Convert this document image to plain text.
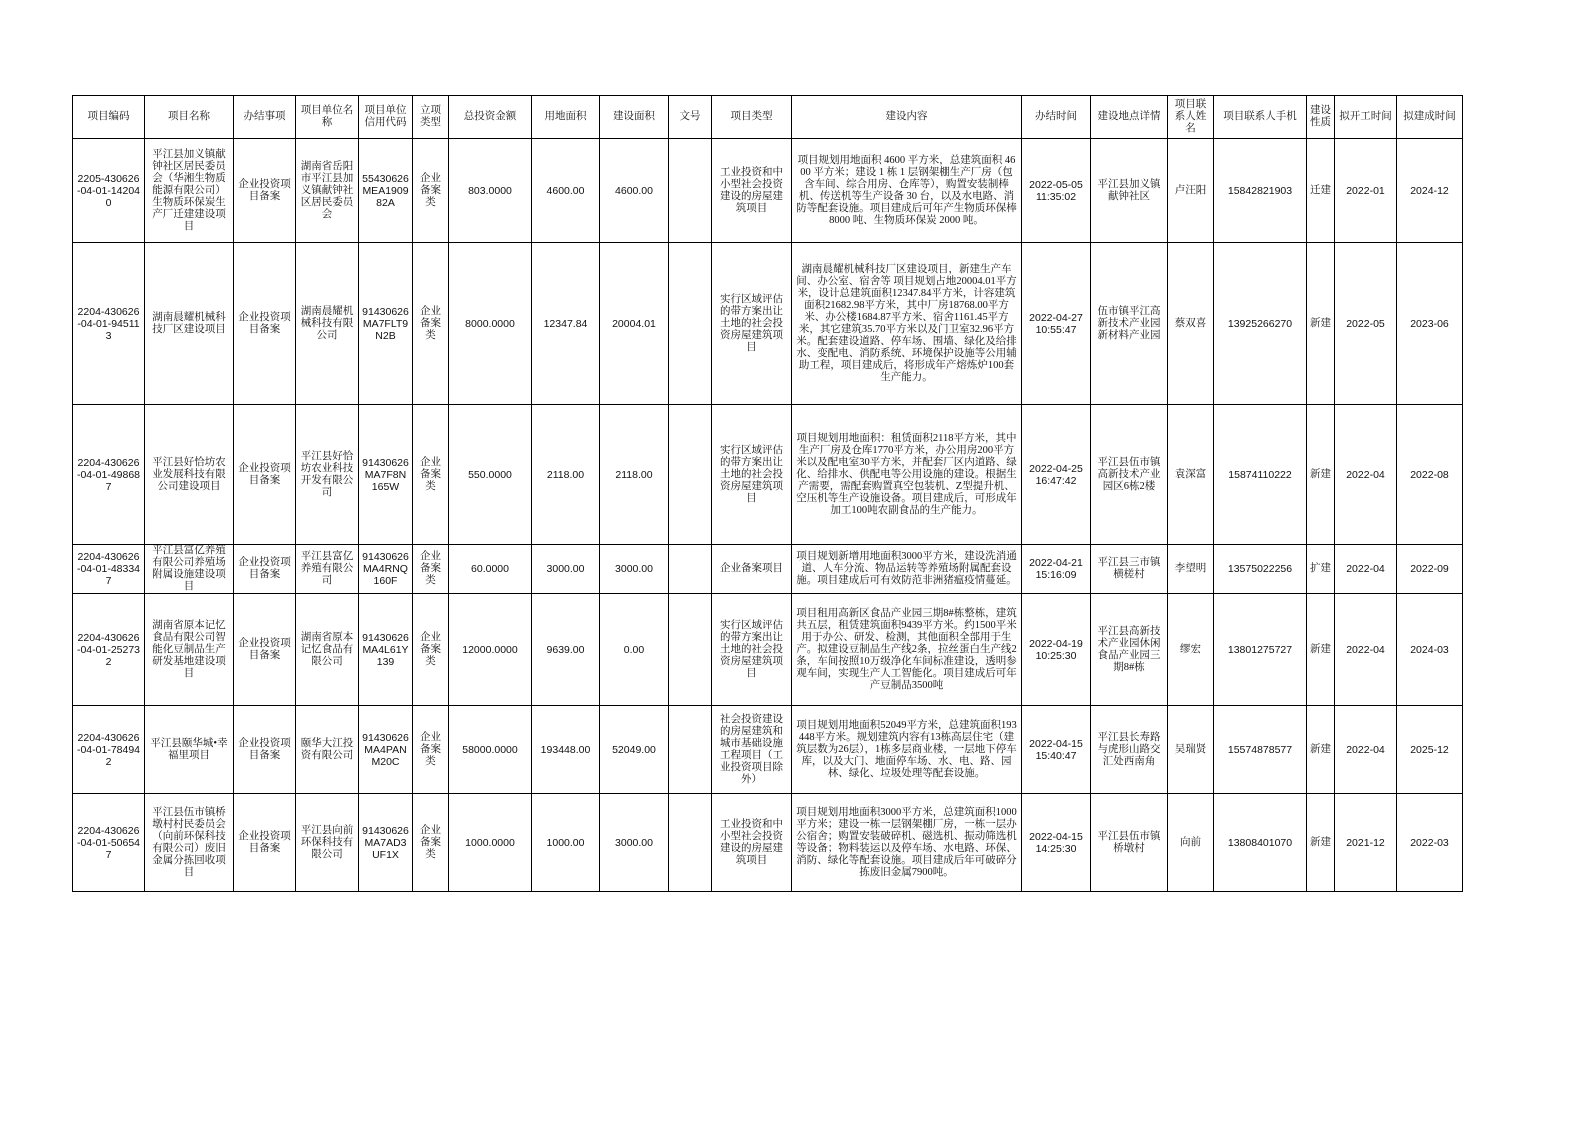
项目编码	项目名称	办结事项	项目单位名称	项目单位信用代码	立项类型	总投资金额	用地面积	建设面积	文号	项目类型	建设内容	办结时间	建设地点详情	项目联系人姓名	项目联系人手机	建设性质	拟开工时间	拟建成时间
2205-430626-04-01-142040	平江县加义镇献钟社区居民委员会（华湘生物质能源有限公司）生物质环保炭生产厂迁建建设项目	企业投资项目备案	湖南省岳阳市平江县加义镇献钟社区居民委员会	55430626MEA190982A	企业备案类	803.0000	4600.00	4600.00		工业投资和中小型社会投资建设的房屋建筑项目	项目规划用地面积 4600 平方米，总建筑面积 4600 平方米；建设 1 栋 1 层钢架棚生产厂房（包含车间、综合用房、仓库等），购置安装制棒机、传送机等生产设备 30 台，以及水电路、消防等配套设施。项目建成后可年产生物质环保棒 8000 吨、生物质环保炭 2000 吨。	2022-05-05 11:35:02	平江县加义镇献钟社区	卢汪阳	15842821903	迁建	2022-01	2024-12
2204-430626-04-01-945113	湖南晨耀机械科技厂区建设项目	企业投资项目备案	湖南晨耀机械科技有限公司	91430626MA7FLT9N2B	企业备案类	8000.0000	12347.84	20004.01		实行区域评估的带方案出让土地的社会投资房屋建筑项目	湖南晨耀机械科技厂区建设项目，新建生产车间、办公室、宿舍等 项目规划占地20004.01平方米，设计总建筑面积12347.84平方米，计容建筑面积21682.98平方米，其中厂房18768.00平方米、办公楼1684.87平方米、宿舍1161.45平方米，其它建筑35.70平方米以及门卫室32.96平方米。配套建设道路、停车场、围墙、绿化及给排水、变配电、消防系统、环境保护设施等公用辅助工程，项目建成后，将形成年产熔炼炉100套生产能力。	2022-04-27 10:55:47	伍市镇平江高新技术产业园新材料产业园	蔡双喜	13925266270	新建	2022-05	2023-06
2204-430626-04-01-498687	平江县好恰坊农业发展科技有限公司建设项目	企业投资项目备案	平江县好恰坊农业科技开发有限公司	91430626MA7F8N165W	企业备案类	550.0000	2118.00	2118.00		实行区域评估的带方案出让土地的社会投资房屋建筑项目	项目规划用地面积：租赁面积2118平方米，其中生产厂房及仓库1770平方米，办公用房200平方米以及配电室30平方米，并配套厂区内道路、绿化、给排水、供配电等公用设施的建设。根据生产需要，需配套购置真空包装机、Z型提升机、空压机等生产设施设备。项目建成后，可形成年加工100吨农副食品的生产能力。	2022-04-25 16:47:42	平江县伍市镇高新技术产业园区6栋2楼	袁深富	15874110222	新建	2022-04	2022-08
2204-430626-04-01-483347	平江县富亿养殖有限公司养殖场附属设施建设项目	企业投资项目备案	平江县富亿养殖有限公司	91430626MA4RNQ160F	企业备案类	60.0000	3000.00	3000.00		企业备案项目	项目规划新增用地面积3000平方米，建设洗消通道、人车分流、物品运转等养殖场附属配套设施。项目建成后可有效防范非洲猪瘟疫情蔓延。	2022-04-21 15:16:09	平江县三市镇横槎村	李望明	13575022256	扩建	2022-04	2022-09
2204-430626-04-01-252732	湖南省原本记忆食品有限公司智能化豆制品生产研发基地建设项目	企业投资项目备案	湖南省原本记忆食品有限公司	91430626MA4L61Y139	企业备案类	12000.0000	9639.00	0.00		实行区域评估的带方案出让土地的社会投资房屋建筑项目	项目租用高新区食品产业园三期8#栋整栋，建筑共五层，租赁建筑面积9439平方米。约1500平米用于办公、研发、检测，其他面积全部用于生产。拟建设豆制品生产线2条，拉丝蛋白生产线2条，车间按照10万级净化车间标准建设，透明参观车间，实现生产人工智能化。项目建成后可年产豆制品3500吨	2022-04-19 10:25:30	平江县高新技术产业园休闲食品产业园三期8#栋	缪宏	13801275727	新建	2022-04	2024-03
2204-430626-04-01-784942	平江县颐华城•幸福里项目	企业投资项目备案	颐华大江投资有限公司	91430626MA4PANM20C	企业备案类	58000.0000	193448.00	52049.00		社会投资建设的房屋建筑和城市基础设施工程项目（工业投资项目除外）	项目规划用地面积52049平方米，总建筑面积193448平方米。规划建筑内容有13栋高层住宅（建筑层数为26层），1栋多层商业楼，一层地下停车库，以及大门、地面停车场、水、电、路、园林、绿化、垃圾处理等配套设施。	2022-04-15 15:40:47	平江县长寿路与虎形山路交汇处西南角	吴瑞贤	15574878577	新建	2022-04	2025-12
2204-430626-04-01-506547	平江县伍市镇桥墩村村民委员会（向前环保科技有限公司）废旧金属分拣回收项目	企业投资项目备案	平江县向前环保科技有限公司	91430626MA7AD3UF1X	企业备案类	1000.0000	1000.00	3000.00		工业投资和中小型社会投资建设的房屋建筑项目	项目规划用地面积3000平方米，总建筑面积1000平方米；建设一栋一层钢架棚厂房，一栋一层办公宿舍；购置安装破碎机、磁选机、振动筛选机等设备；物料装运以及停车场、水电路、环保、消防、绿化等配套设施。项目建成后年可破碎分拣废旧金属7900吨。	2022-04-15 14:25:30	平江县伍市镇桥墩村	向前	13808401070	新建	2021-12	2022-03
